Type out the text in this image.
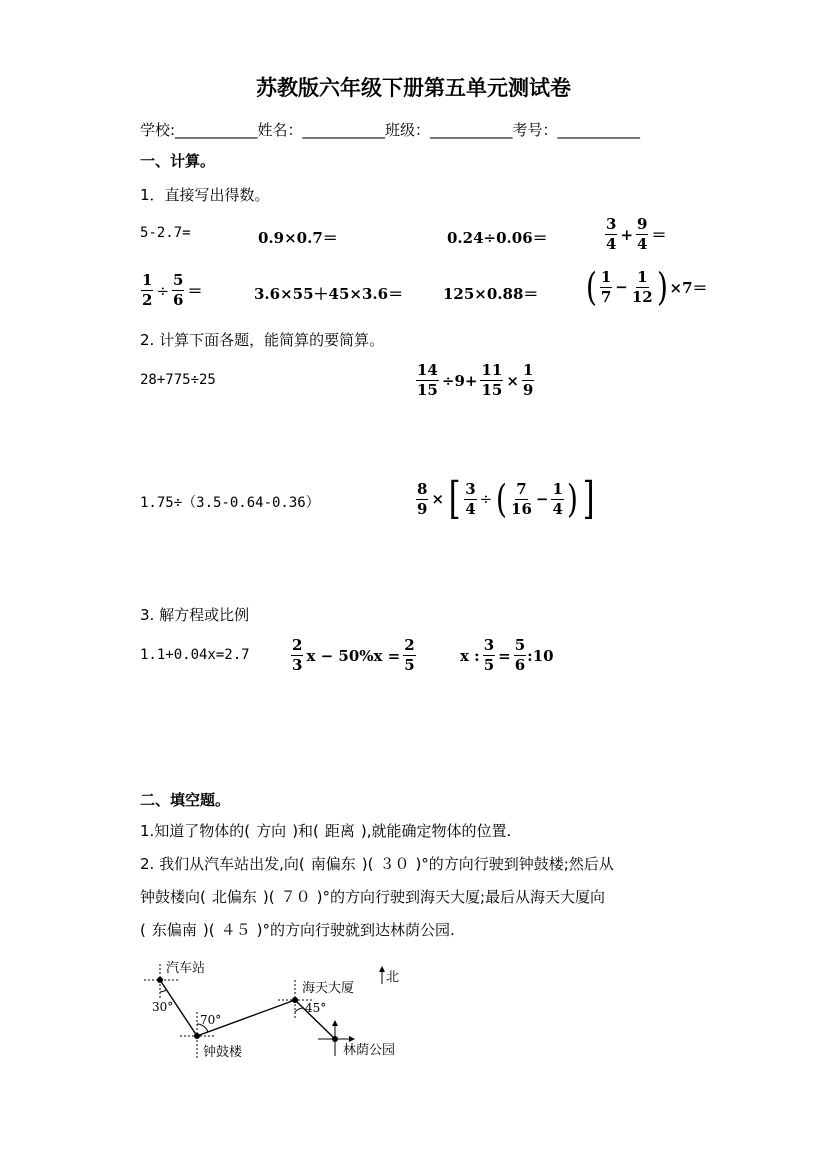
苏教版六年级下册第五单元测试卷
学校:___________姓名：___________班级：___________考号：___________
一、计算。
1．直接写出得数。
5-2.7=	0.9×0.7＝	0.24÷0.06＝	$\frac{3}{4} + \frac{9}{4}$ ＝
$\frac{1}{2} \div \frac{5}{6}$ ＝	3.6×55＋45×3.6＝	125×0.88＝ ( $\frac{1}{7} - \frac{1}{12}$ ) ×7＝
2. 计算下面各题，能简算的要简算。
28+775÷25	$\frac{14}{15} \div 9+ \frac{11}{15} \times \frac{1}{9}$
1.75÷（3.5-0.64-0.36）	$\frac{8}{9}$ × [ $\frac{3}{4}$ ÷ ( $\frac{7}{16} - \frac{1}{4}$ ) ]
3. 解方程或比例
1.1+0.04x=2.7	$\frac{2}{3}$ $x - 50\%x = \frac{2}{5}$	x : $\frac{3}{5} = \frac{5}{6}$ :10
二、填空题。
1.知道了物体的( 方向 )和( 距离 ),就能确定物体的位置.
2. 我们从汽车站出发,向( 南偏东 )( ３０ )°的方向行驶到钟鼓楼;然后从
钟鼓楼向( 北偏东 )( ７０ )°的方向行驶到海天大厦;最后从海天大厦向
( 东偏南 )( ４５ )°的方向行驶就到达林荫公园.
汽车站
钟鼓楼
海天大厦
林荫公园
北
30°
70°
45°
